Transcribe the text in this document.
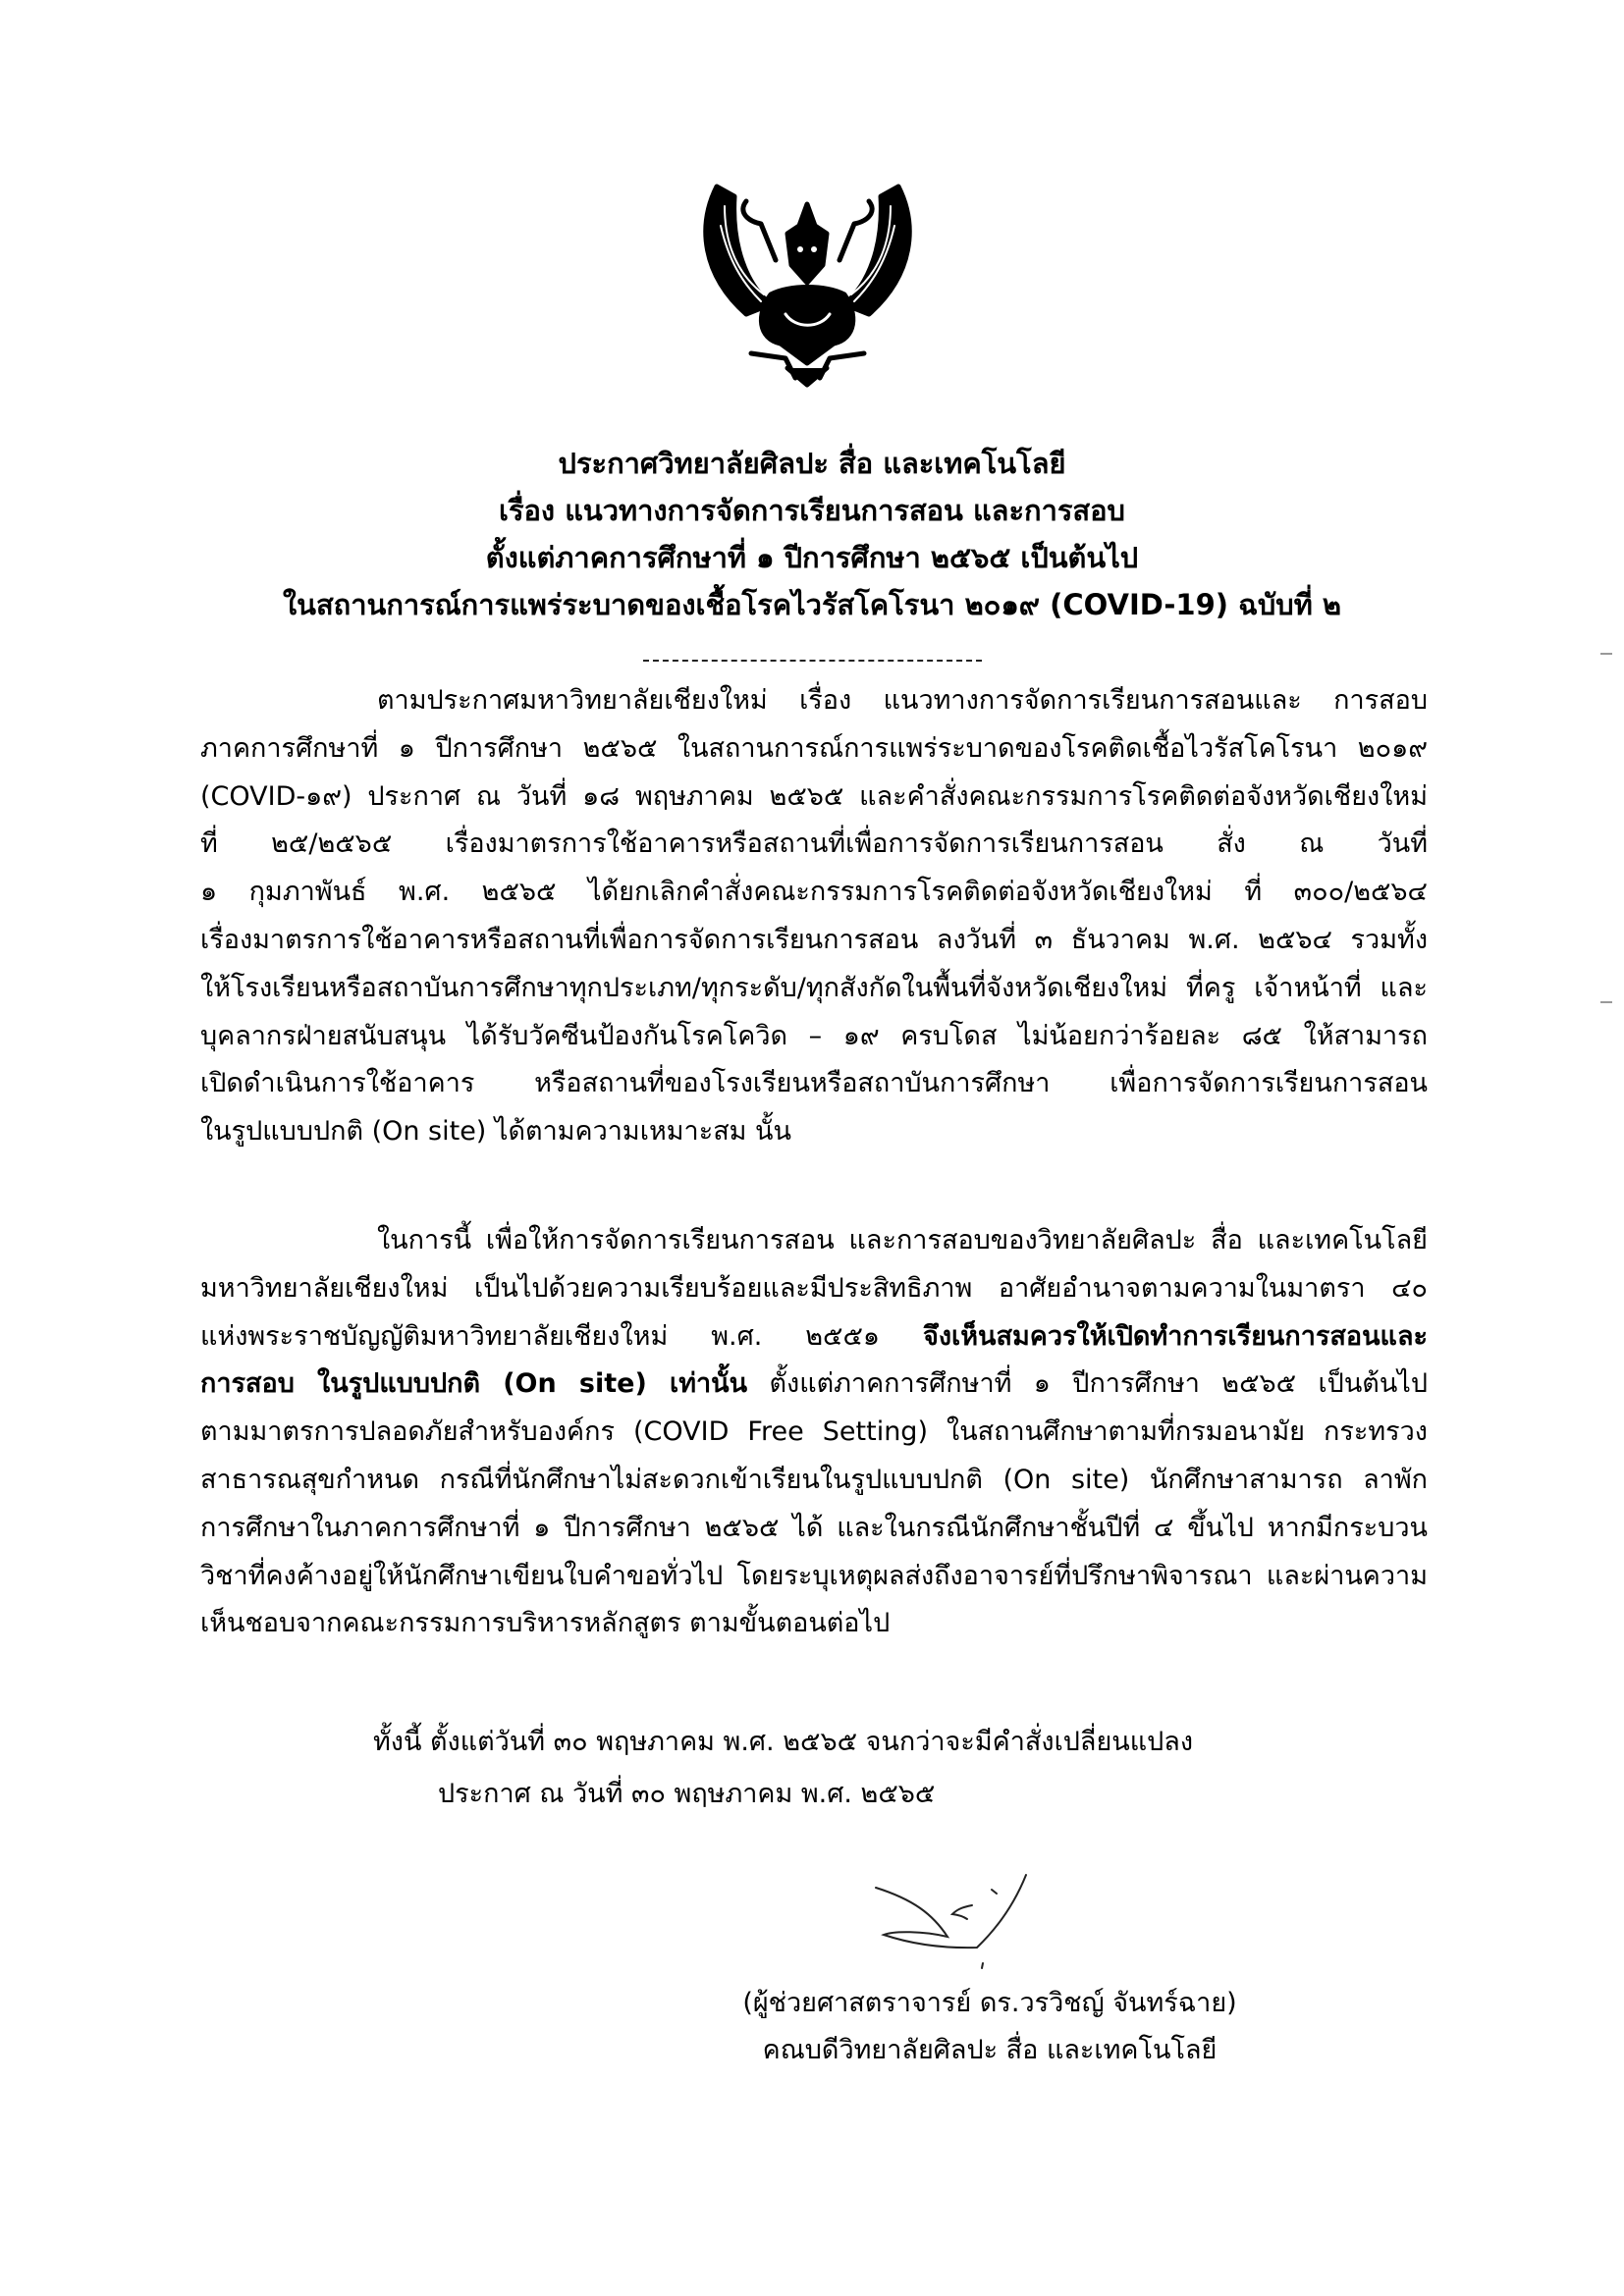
ประกาศวิทยาลัยศิลปะ สื่อ และเทคโนโลยี
เรื่อง แนวทางการจัดการเรียนการสอน และการสอบ
ตั้งแต่ภาคการศึกษาที่ ๑ ปีการศึกษา ๒๕๖๕ เป็นต้นไป
ในสถานการณ์การแพร่ระบาดของเชื้อโรคไวรัสโคโรนา ๒๐๑๙ (COVID-19) ฉบับที่ ๒
ตามประกาศมหาวิทยาลัยเชียงใหม่ เรื่อง แนวทางการจัดการเรียนการสอนและ การสอบ
ภาคการศึกษาที่ ๑ ปีการศึกษา ๒๕๖๕ ในสถานการณ์การแพร่ระบาดของโรคติดเชื้อไวรัสโคโรนา ๒๐๑๙
(COVID-๑๙) ประกาศ ณ วันที่ ๑๘ พฤษภาคม ๒๕๖๕ และคำสั่งคณะกรรมการโรคติดต่อจังหวัดเชียงใหม่
ที่ ๒๕/๒๕๖๕ เรื่องมาตรการใช้อาคารหรือสถานที่เพื่อการจัดการเรียนการสอน สั่ง ณ วันที่
๑ กุมภาพันธ์ พ.ศ. ๒๕๖๕ ได้ยกเลิกคำสั่งคณะกรรมการโรคติดต่อจังหวัดเชียงใหม่ ที่ ๓๐๐/๒๕๖๔
เรื่องมาตรการใช้อาคารหรือสถานที่เพื่อการจัดการเรียนการสอน ลงวันที่ ๓ ธันวาคม พ.ศ. ๒๕๖๔ รวมทั้ง
ให้โรงเรียนหรือสถาบันการศึกษาทุกประเภท/ทุกระดับ/ทุกสังกัดในพื้นที่จังหวัดเชียงใหม่ ที่ครู เจ้าหน้าที่ และ
บุคลากรฝ่ายสนับสนุน ได้รับวัคซีนป้องกันโรคโควิด – ๑๙ ครบโดส ไม่น้อยกว่าร้อยละ ๘๕ ให้สามารถ
เปิดดำเนินการใช้อาคาร หรือสถานที่ของโรงเรียนหรือสถาบันการศึกษา เพื่อการจัดการเรียนการสอน
ในรูปแบบปกติ (On site) ได้ตามความเหมาะสม นั้น
ในการนี้ เพื่อให้การจัดการเรียนการสอน และการสอบของวิทยาลัยศิลปะ สื่อ และเทคโนโลยี
มหาวิทยาลัยเชียงใหม่ เป็นไปด้วยความเรียบร้อยและมีประสิทธิภาพ อาศัยอำนาจตามความในมาตรา ๔๐
แห่งพระราชบัญญัติมหาวิทยาลัยเชียงใหม่ พ.ศ. ๒๕๕๑ จึงเห็นสมควรให้เปิดทำการเรียนการสอนและ
การสอบ ในรูปแบบปกติ (On site) เท่านั้น ตั้งแต่ภาคการศึกษาที่ ๑ ปีการศึกษา ๒๕๖๕ เป็นต้นไป
ตามมาตรการปลอดภัยสำหรับองค์กร (COVID Free Setting) ในสถานศึกษาตามที่กรมอนามัย กระทรวง
สาธารณสุขกำหนด กรณีที่นักศึกษาไม่สะดวกเข้าเรียนในรูปแบบปกติ (On site) นักศึกษาสามารถ ลาพัก
การศึกษาในภาคการศึกษาที่ ๑ ปีการศึกษา ๒๕๖๕ ได้ และในกรณีนักศึกษาชั้นปีที่ ๔ ขึ้นไป หากมีกระบวน
วิชาที่คงค้างอยู่ให้นักศึกษาเขียนใบคำขอทั่วไป โดยระบุเหตุผลส่งถึงอาจารย์ที่ปรึกษาพิจารณา และผ่านความ
เห็นชอบจากคณะกรรมการบริหารหลักสูตร ตามขั้นตอนต่อไป
ทั้งนี้ ตั้งแต่วันที่ ๓๐ พฤษภาคม พ.ศ. ๒๕๖๕ จนกว่าจะมีคำสั่งเปลี่ยนแปลง
ประกาศ ณ วันที่ ๓๐ พฤษภาคม พ.ศ. ๒๕๖๕
(ผู้ช่วยศาสตราจารย์ ดร.วรวิชญ์ จันทร์ฉาย)
คณบดีวิทยาลัยศิลปะ สื่อ และเทคโนโลยี
